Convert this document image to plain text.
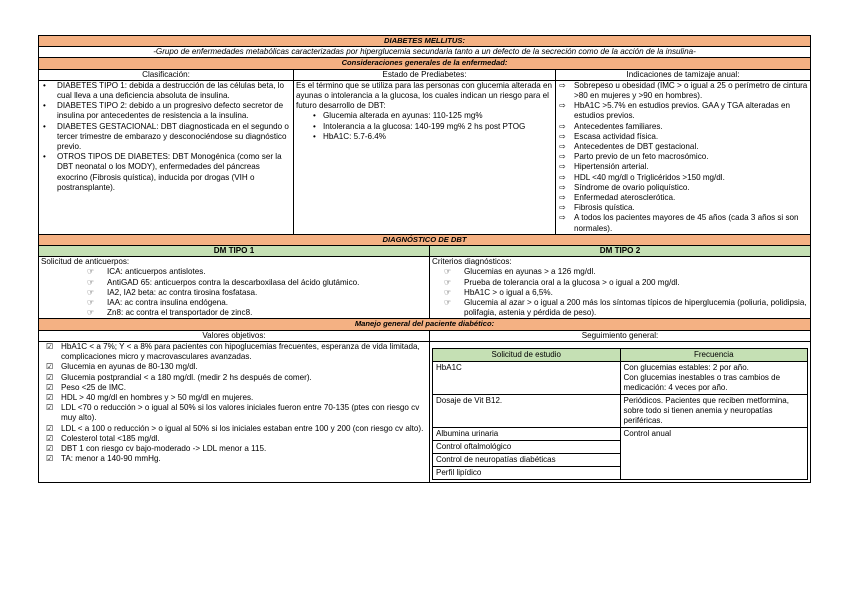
DIABETES MELLITUS:
-Grupo de enfermedades metabólicas caracterizadas por hiperglucemia secundaria tanto a un defecto de la secreción como de la acción de la insulina-
Consideraciones generales de la enfermedad:
Clasificación:	Estado de Prediabetes:	Indicaciones de tamizaje anual:

• DIABETES TIPO 1: debida a destrucción de las células beta, lo cual lleva a una deficiencia absoluta de insulina.
• DIABETES TIPO 2: debido a un progresivo defecto secretor de insulina por antecedentes de resistencia a la insulina.
• DIABETES GESTACIONAL: DBT diagnosticada en el segundo o tercer trimestre de embarazo y desconociéndose su diagnóstico previo.
• OTROS TIPOS DE DIABETES: DBT Monogénica (como ser la DBT neonatal o los MODY), enfermedades del páncreas exocrino (Fibrosis quística), inducida por drogas (VIH o postransplante).

Es el término que se utiliza para las personas con glucemia alterada en ayunas o intolerancia a la glucosa, los cuales indican un riesgo para el futuro desarrollo de DBT:
• Glucemia alterada en ayunas: 110-125 mg%
• Intolerancia a la glucosa: 140-199 mg% 2 hs post PTOG
• HbA1C: 5.7-6.4%

⇨ Sobrepeso u obesidad (IMC > o igual a 25 o perímetro de cintura >80 en mujeres y >90 en hombres).
⇨ HbA1C >5.7% en estudios previos. GAA y TGA alteradas en estudios previos.
⇨ Antecedentes familiares.
⇨ Escasa actividad física.
⇨ Antecedentes de DBT gestacional.
⇨ Parto previo de un feto macrosómico.
⇨ Hipertensión arterial.
⇨ HDL <40 mg/dl o Triglicéridos >150 mg/dl.
⇨ Síndrome de ovario poliquístico.
⇨ Enfermedad aterosclerótica.
⇨ Fibrosis quística.
⇨ A todos los pacientes mayores de 45 años (cada 3 años si son normales).

DIAGNÓSTICO DE DBT
DM TIPO 1	DM TIPO 2

Solicitud de anticuerpos:
☞ ICA: anticuerpos antislotes.
☞ AntiGAD 65: anticuerpos contra la descarboxilasa del ácido glutámico.
☞ IA2, IA2 beta: ac contra tirosina fosfatasa.
☞ IAA: ac contra insulina endógena.
☞ Zn8: ac contra el transportador de zinc8.

Criterios diagnósticos:
☞ Glucemias en ayunas > a 126 mg/dl.
☞ Prueba de tolerancia oral a la glucosa > o igual a 200 mg/dl.
☞ HbA1C > o igual a 6,5%.
☞ Glucemia al azar > o igual a 200 más los síntomas típicos de hiperglucemia (poliuria, polidipsia, polifagia, astenia y pérdida de peso).

Manejo general del paciente diabético:
Valores objetivos:	Seguimiento general:

☑ HbA1C < a 7%; Y < a 8% para pacientes con hipoglucemias frecuentes, esperanza de vida limitada, complicaciones micro y macrovasculares avanzadas.
☑ Glucemia en ayunas de 80-130 mg/dl.
☑ Glucemia postprandial < a 180 mg/dl. (medir 2 hs después de comer).
☑ Peso <25 de IMC.
☑ HDL > 40 mg/dl en hombres y > 50 mg/dl en mujeres.
☑ LDL <70 o reducción > o igual al 50% si los valores iniciales fueron entre 70-135 (ptes con riesgo cv muy alto).
☑ LDL < a 100 o reducción > o igual al 50% si los iniciales estaban entre 100 y 200 (con riesgo cv alto).
☑ Colesterol total <185 mg/dl.
☑ DBT 1 con riesgo cv bajo-moderado -> LDL menor a 115.
☑ TA: menor a 140-90 mmHg.

Solicitud de estudio	Frecuencia
HbA1C	Con glucemias estables: 2 por año.
Con glucemias inestables o tras cambios de medicación: 4 veces por año.

Dosaje de Vit B12.	Periódicos. Pacientes que reciben metformina, sobre todo si tienen anemia y neuropatías periféricas.

Albumina urinaria	Control anual

Control oftalmológico
Control de neuropatías diabéticas
Perfil lipídico
